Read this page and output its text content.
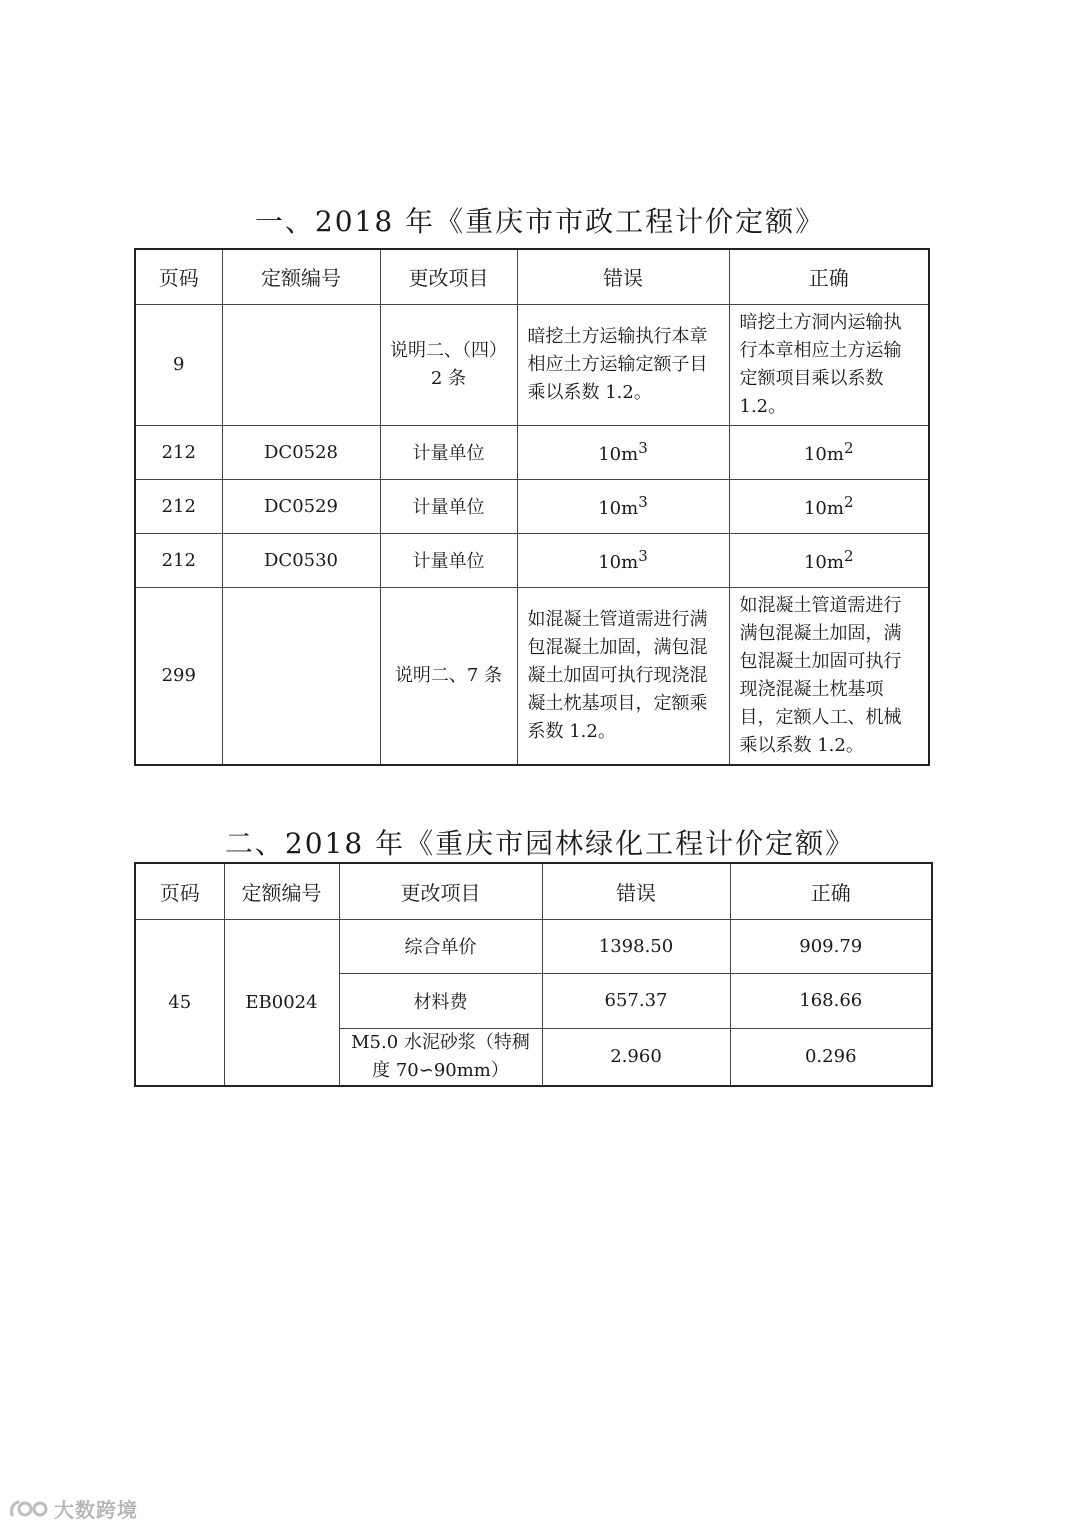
一、2018 年《重庆市市政工程计价定额》
页码	定额编号	更改项目	错误	正确
9		说明二、（四）2 条	暗挖土方运输执行本章相应土方运输定额子目乘以系数 1.2。	暗挖土方洞内运输执行本章相应土方运输定额项目乘以系数 1.2。
212	DC0528	计量单位	$10m^3$	$10m^2$
212	DC0529	计量单位	$10m^3$	$10m^2$
212	DC0530	计量单位	$10m^3$	$10m^2$
299		说明二、7 条	如混凝土管道需进行满包混凝土加固，满包混凝土加固可执行现浇混凝土枕基项目，定额乘系数 1.2。	如混凝土管道需进行满包混凝土加固，满包混凝土加固可执行现浇混凝土枕基项目，定额人工、机械乘以系数 1.2。
二、2018 年《重庆市园林绿化工程计价定额》
页码	定额编号	更改项目	错误	正确
45	EB0024	综合单价	1398.50	909.79
		材料费	657.37	168.66
		M5.0 水泥砂浆（特稠度 70∽90mm）	2.960	0.296
大数跨境
